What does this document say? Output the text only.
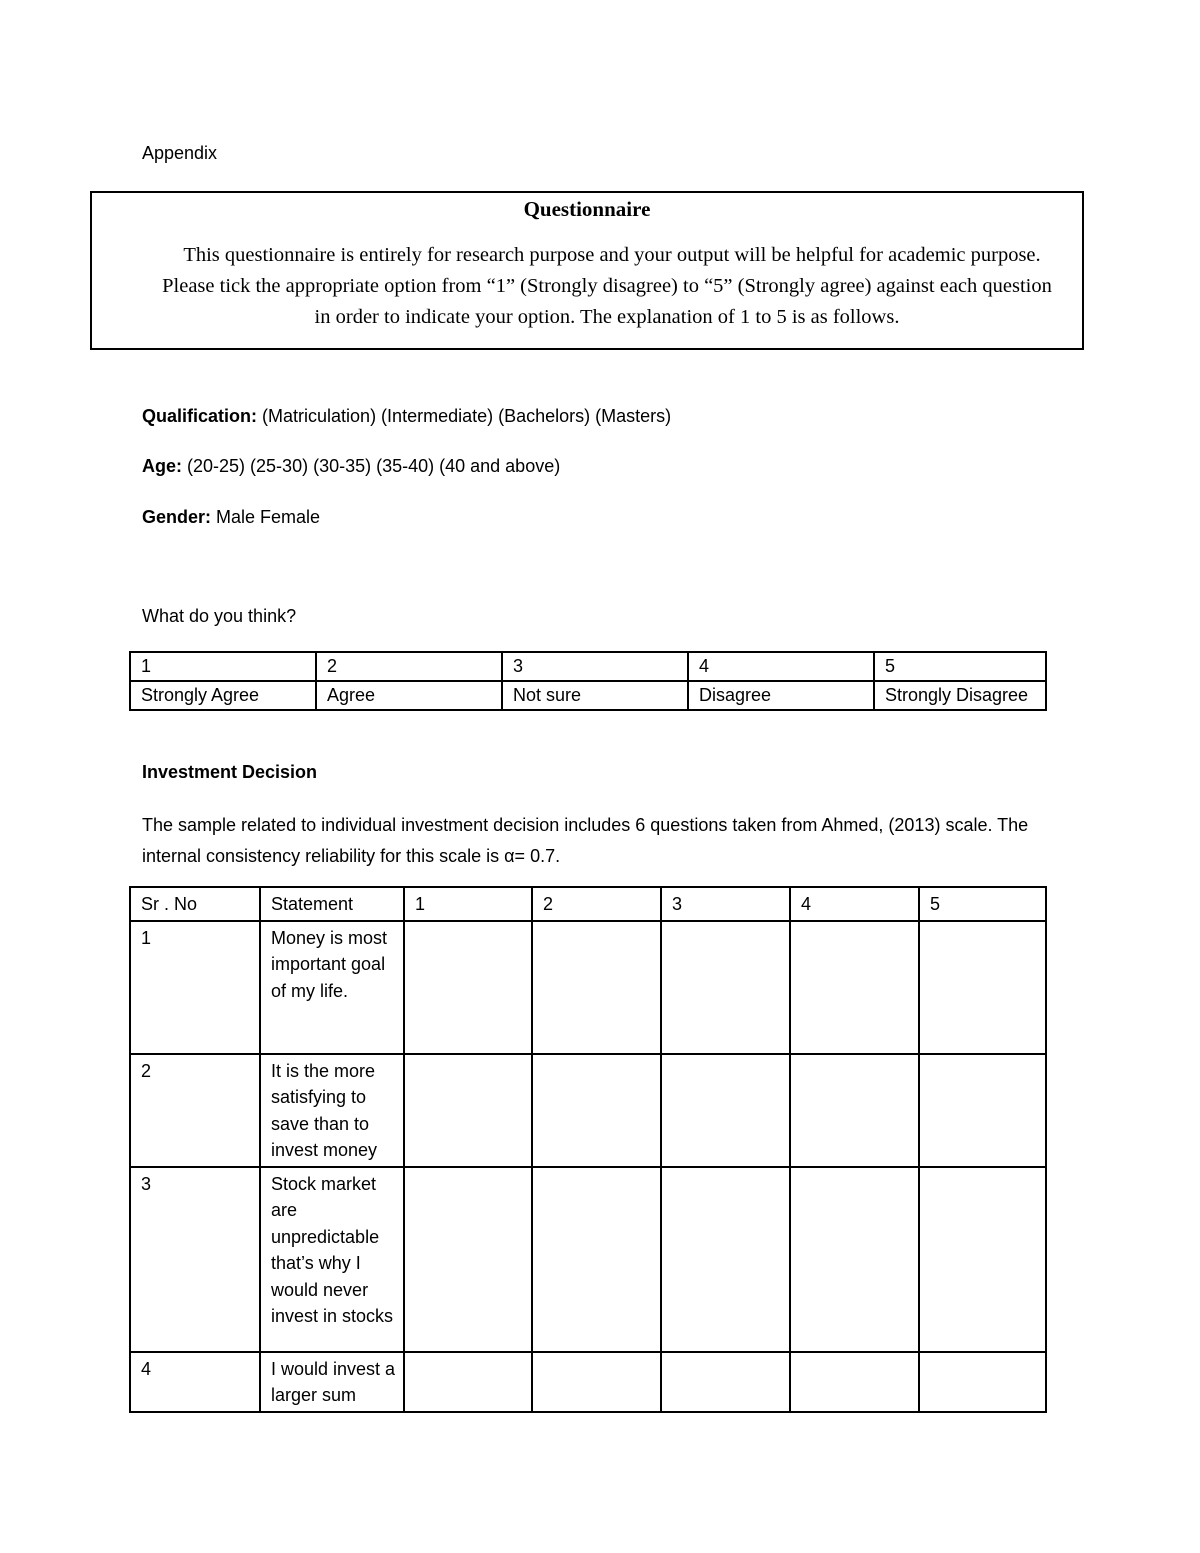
Appendix
Questionnaire
This questionnaire is entirely for research purpose and your output will be helpful for academic purpose. Please tick the appropriate option from “1” (Strongly disagree) to “5” (Strongly agree) against each question in order to indicate your option. The explanation of 1 to 5 is as follows.
Qualification: (Matriculation) (Intermediate) (Bachelors) (Masters)
Age: (20-25) (25-30) (30-35) (35-40) (40 and above)
Gender: Male Female
What do you think?
1	2	3	4	5
Strongly Agree	Agree	Not sure	Disagree	Strongly Disagree
Investment Decision
The sample related to individual investment decision includes 6 questions taken from Ahmed, (2013) scale. The internal consistency reliability for this scale is α= 0.7.
Sr . No	Statement	1	2	3	4	5
1	Money is most important goal of my life.					
2	It is the more satisfying to save than to invest money					
3	Stock market are unpredictable that’s why I would never invest in stocks					
4	I would invest a larger sum					
